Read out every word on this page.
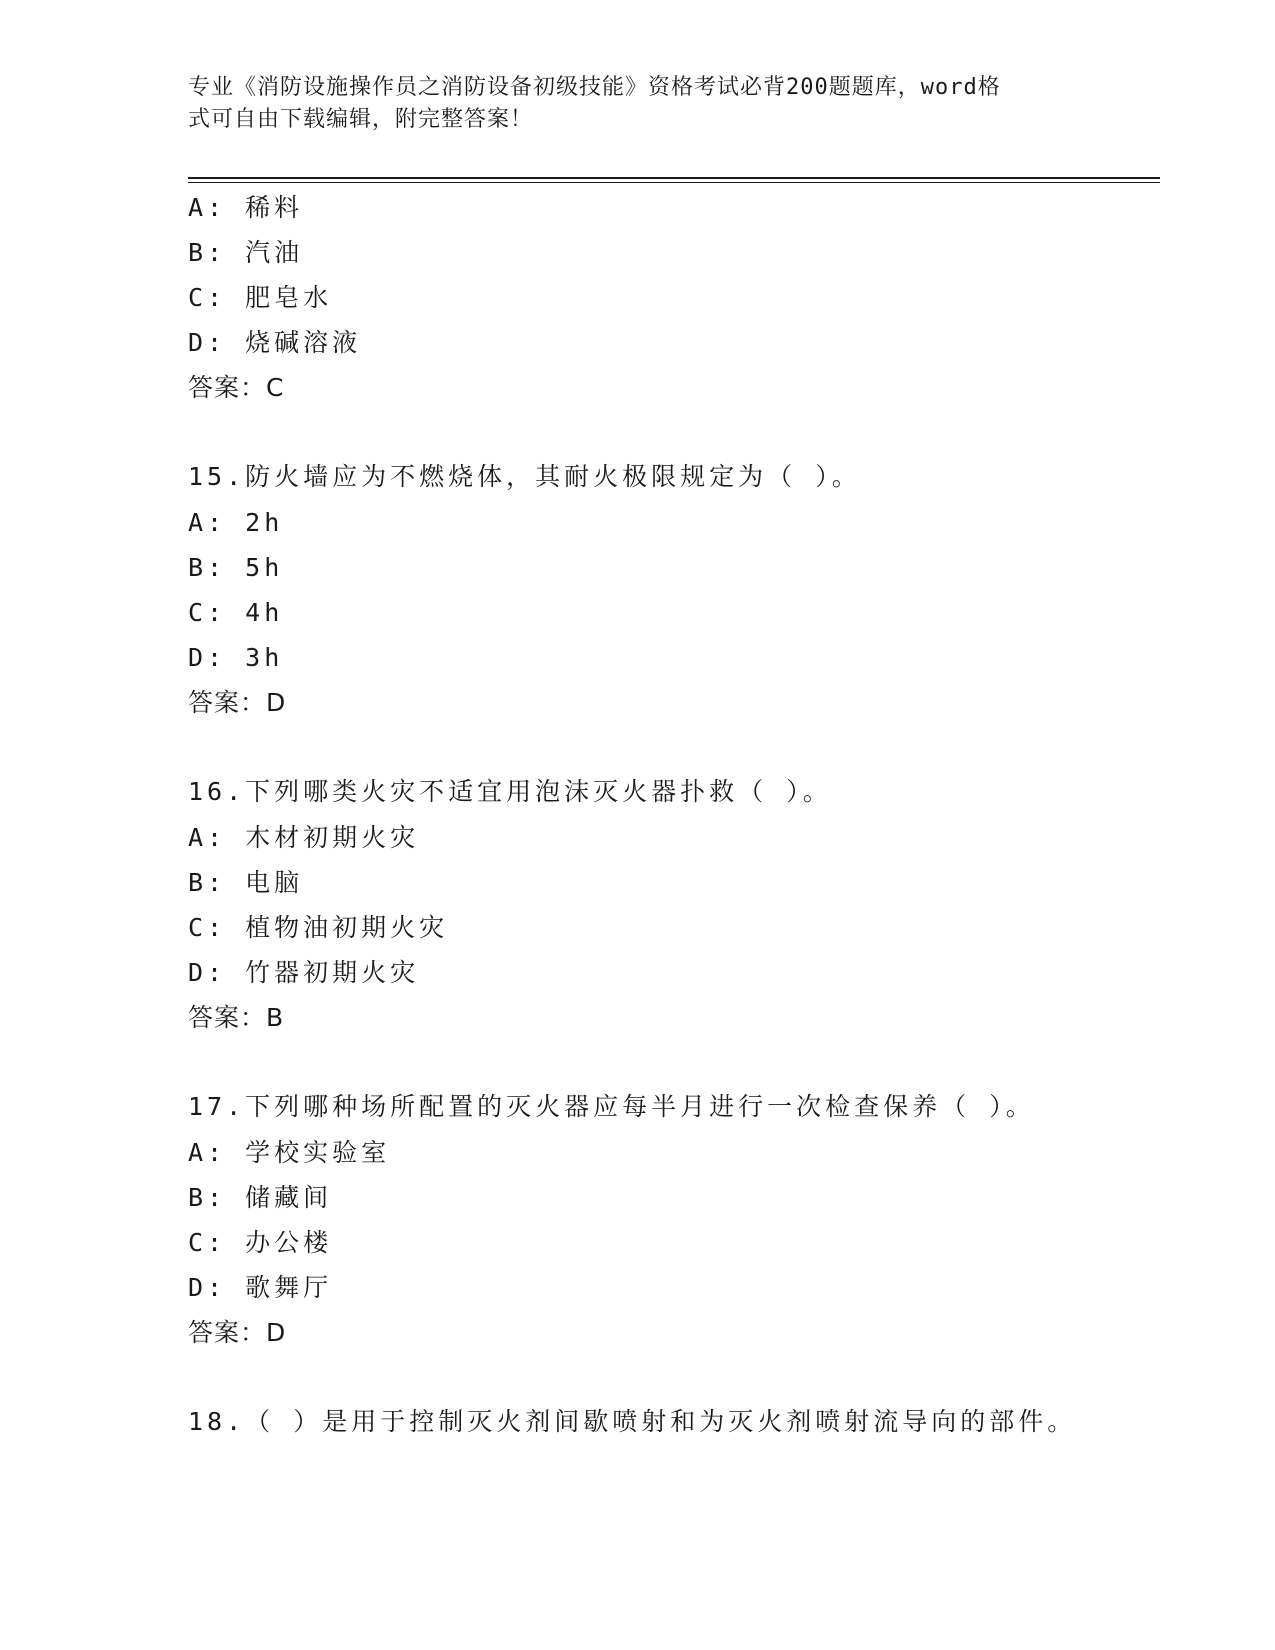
专业《消防设施操作员之消防设备初级技能》资格考试必背200题题库，word格
式可自由下载编辑，附完整答案！
A: 稀料
B: 汽油
C: 肥皂水
D: 烧碱溶液
答案：C
15.防火墙应为不燃烧体，其耐火极限规定为（ ）。
A: 2h
B: 5h
C: 4h
D: 3h
答案：D
16.下列哪类火灾不适宜用泡沫灭火器扑救（ ）。
A: 木材初期火灾
B: 电脑
C: 植物油初期火灾
D: 竹器初期火灾
答案：B
17.下列哪种场所配置的灭火器应每半月进行一次检查保养（ ）。
A: 学校实验室
B: 储藏间
C: 办公楼
D: 歌舞厅
答案：D
18.（ ）是用于控制灭火剂间歇喷射和为灭火剂喷射流导向的部件。
